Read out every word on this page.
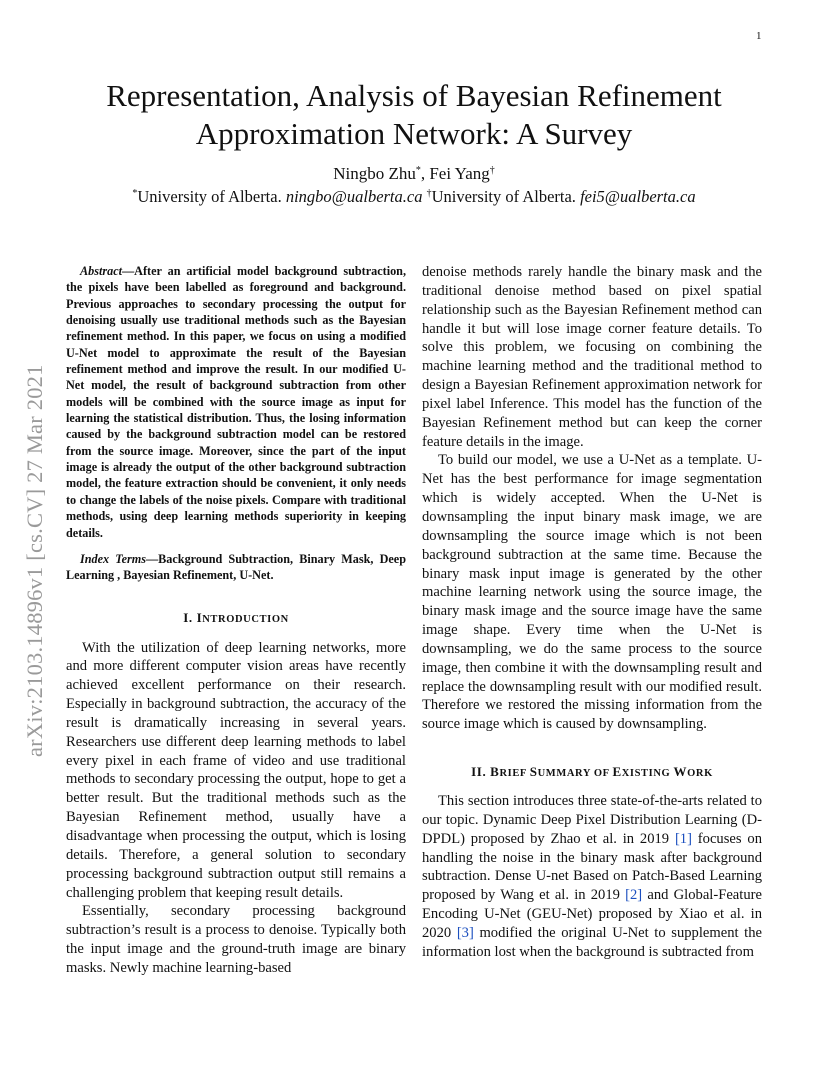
1
arXiv:2103.14896v1 [cs.CV] 27 Mar 2021
Representation, Analysis of Bayesian Refinement Approximation Network: A Survey
Ningbo Zhu*, Fei Yang†
*University of Alberta. ningbo@ualberta.ca †University of Alberta. fei5@ualberta.ca

Abstract—After an artificial model background subtraction, the pixels have been labelled as foreground and background. Previous approaches to secondary processing the output for denoising usually use traditional methods such as the Bayesian refinement method. In this paper, we focus on using a modified U-Net model to approximate the result of the Bayesian refinement method and improve the result. In our modified U-Net model, the result of background subtraction from other models will be combined with the source image as input for learning the statistical distribution. Thus, the losing information caused by the background subtraction model can be restored from the source image. Moreover, since the part of the input image is already the output of the other background subtraction model, the feature extraction should be convenient, it only needs to change the labels of the noise pixels. Compare with traditional methods, using deep learning methods superiority in keeping details.

Index Terms—Background Subtraction, Binary Mask, Deep Learning , Bayesian Refinement, U-Net.

I. INTRODUCTION

With the utilization of deep learning networks, more and more different computer vision areas have recently achieved excellent performance on their research. Especially in background subtraction, the accuracy of the result is dramatically increasing in several years. Researchers use different deep learning methods to label every pixel in each frame of video and use traditional methods to secondary processing the output, hope to get a better result. But the traditional methods such as the Bayesian Refinement method, usually have a disadvantage when processing the output, which is losing details. Therefore, a general solution to secondary processing background subtraction output still remains a challenging problem that keeping result details.

Essentially, secondary processing background subtraction’s result is a process to denoise. Typically both the input image and the ground-truth image are binary masks. Newly machine learning-based

denoise methods rarely handle the binary mask and the traditional denoise method based on pixel spatial relationship such as the Bayesian Refinement method can handle it but will lose image corner feature details. To solve this problem, we focusing on combining the machine learning method and the traditional method to design a Bayesian Refinement approximation network for pixel label Inference. This model has the function of the Bayesian Refinement method but can keep the corner feature details in the image.

To build our model, we use a U-Net as a template. U-Net has the best performance for image segmentation which is widely accepted. When the U-Net is downsampling the input binary mask image, we are downsampling the source image which is not been background subtraction at the same time. Because the binary mask input image is generated by the other machine learning network using the source image, the binary mask image and the source image have the same image shape. Every time when the U-Net is downsampling, we do the same process to the source image, then combine it with the downsampling result and replace the downsampling result with our modified result. Therefore we restored the missing information from the source image which is caused by downsampling.

II. BRIEF SUMMARY OF EXISTING WORK

This section introduces three state-of-the-arts related to our topic. Dynamic Deep Pixel Distribution Learning (D-DPDL) proposed by Zhao et al. in 2019 [1] focuses on handling the noise in the binary mask after background subtraction. Dense U-net Based on Patch-Based Learning proposed by Wang et al. in 2019 [2] and Global-Feature Encoding U-Net (GEU-Net) proposed by Xiao et al. in 2020 [3] modified the original U-Net to supplement the information lost when the background is subtracted from
